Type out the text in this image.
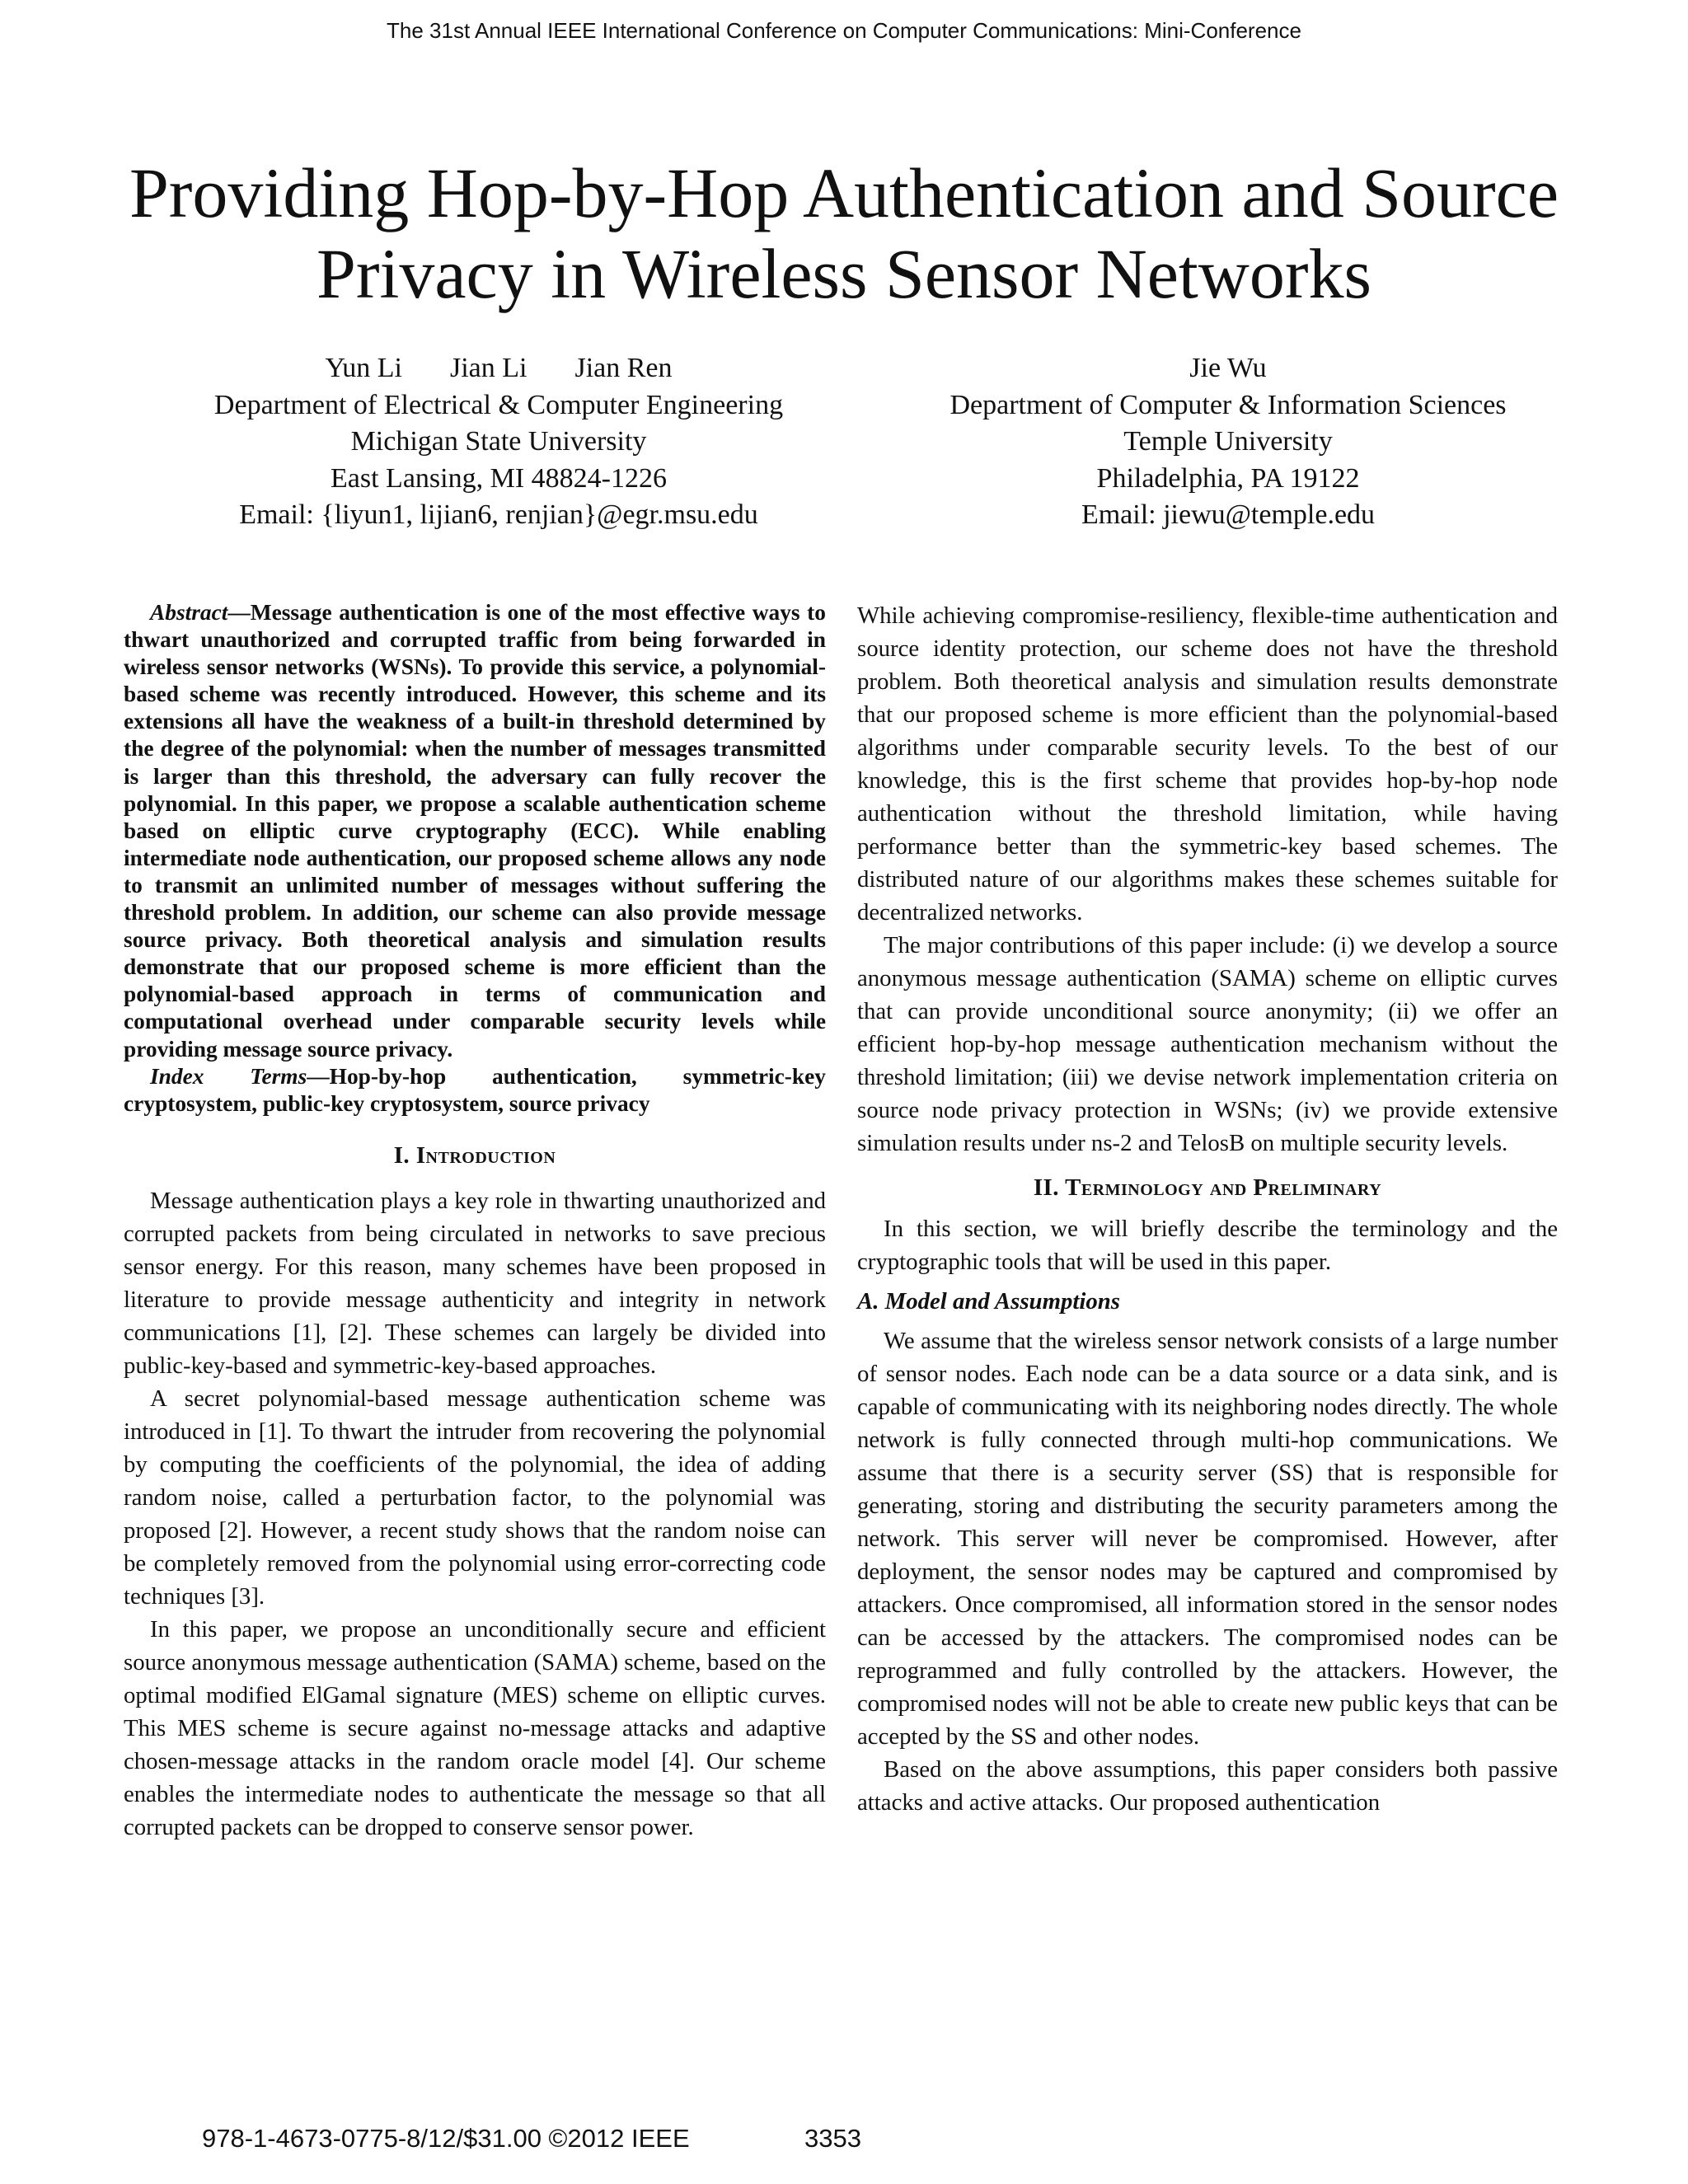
The 31st Annual IEEE International Conference on Computer Communications: Mini-Conference
Providing Hop-by-Hop Authentication and Source
Privacy in Wireless Sensor Networks
Yun Li Jian Li Jian Ren
Department of Electrical & Computer Engineering
Michigan State University
East Lansing, MI 48824-1226
Email: {liyun1, lijian6, renjian}@egr.msu.edu
Jie Wu
Department of Computer & Information Sciences
Temple University
Philadelphia, PA 19122
Email: jiewu@temple.edu

Abstract—Message authentication is one of the most effective ways to thwart unauthorized and corrupted traffic from being forwarded in wireless sensor networks (WSNs). To provide this service, a polynomial-based scheme was recently introduced. However, this scheme and its extensions all have the weakness of a built-in threshold determined by the degree of the polynomial: when the number of messages transmitted is larger than this threshold, the adversary can fully recover the polynomial. In this paper, we propose a scalable authentication scheme based on elliptic curve cryptography (ECC). While enabling intermediate node authentication, our proposed scheme allows any node to transmit an unlimited number of messages without suffering the threshold problem. In addition, our scheme can also provide message source privacy. Both theoretical analysis and simulation results demonstrate that our proposed scheme is more efficient than the polynomial-based approach in terms of communication and computational overhead under comparable security levels while providing message source privacy.

Index Terms—Hop-by-hop authentication, symmetric-key cryptosystem, public-key cryptosystem, source privacy

I. Introduction

Message authentication plays a key role in thwarting unauthorized and corrupted packets from being circulated in networks to save precious sensor energy. For this reason, many schemes have been proposed in literature to provide message authenticity and integrity in network communications [1], [2]. These schemes can largely be divided into public-key-based and symmetric-key-based approaches.

A secret polynomial-based message authentication scheme was introduced in [1]. To thwart the intruder from recovering the polynomial by computing the coefficients of the polynomial, the idea of adding random noise, called a perturbation factor, to the polynomial was proposed [2]. However, a recent study shows that the random noise can be completely removed from the polynomial using error-correcting code techniques [3].

In this paper, we propose an unconditionally secure and efficient source anonymous message authentication (SAMA) scheme, based on the optimal modified ElGamal signature (MES) scheme on elliptic curves. This MES scheme is secure against no-message attacks and adaptive chosen-message attacks in the random oracle model [4]. Our scheme enables the intermediate nodes to authenticate the message so that all corrupted packets can be dropped to conserve sensor power.

While achieving compromise-resiliency, flexible-time authentication and source identity protection, our scheme does not have the threshold problem. Both theoretical analysis and simulation results demonstrate that our proposed scheme is more efficient than the polynomial-based algorithms under comparable security levels. To the best of our knowledge, this is the first scheme that provides hop-by-hop node authentication without the threshold limitation, while having performance better than the symmetric-key based schemes. The distributed nature of our algorithms makes these schemes suitable for decentralized networks.

The major contributions of this paper include: (i) we develop a source anonymous message authentication (SAMA) scheme on elliptic curves that can provide unconditional source anonymity; (ii) we offer an efficient hop-by-hop message authentication mechanism without the threshold limitation; (iii) we devise network implementation criteria on source node privacy protection in WSNs; (iv) we provide extensive simulation results under ns-2 and TelosB on multiple security levels.

II. Terminology and Preliminary

In this section, we will briefly describe the terminology and the cryptographic tools that will be used in this paper.

A. Model and Assumptions

We assume that the wireless sensor network consists of a large number of sensor nodes. Each node can be a data source or a data sink, and is capable of communicating with its neighboring nodes directly. The whole network is fully connected through multi-hop communications. We assume that there is a security server (SS) that is responsible for generating, storing and distributing the security parameters among the network. This server will never be compromised. However, after deployment, the sensor nodes may be captured and compromised by attackers. Once compromised, all information stored in the sensor nodes can be accessed by the attackers. The compromised nodes can be reprogrammed and fully controlled by the attackers. However, the compromised nodes will not be able to create new public keys that can be accepted by the SS and other nodes.

Based on the above assumptions, this paper considers both passive attacks and active attacks. Our proposed authentication

978-1-4673-0775-8/12/$31.00 ©2012 IEEE	3353
